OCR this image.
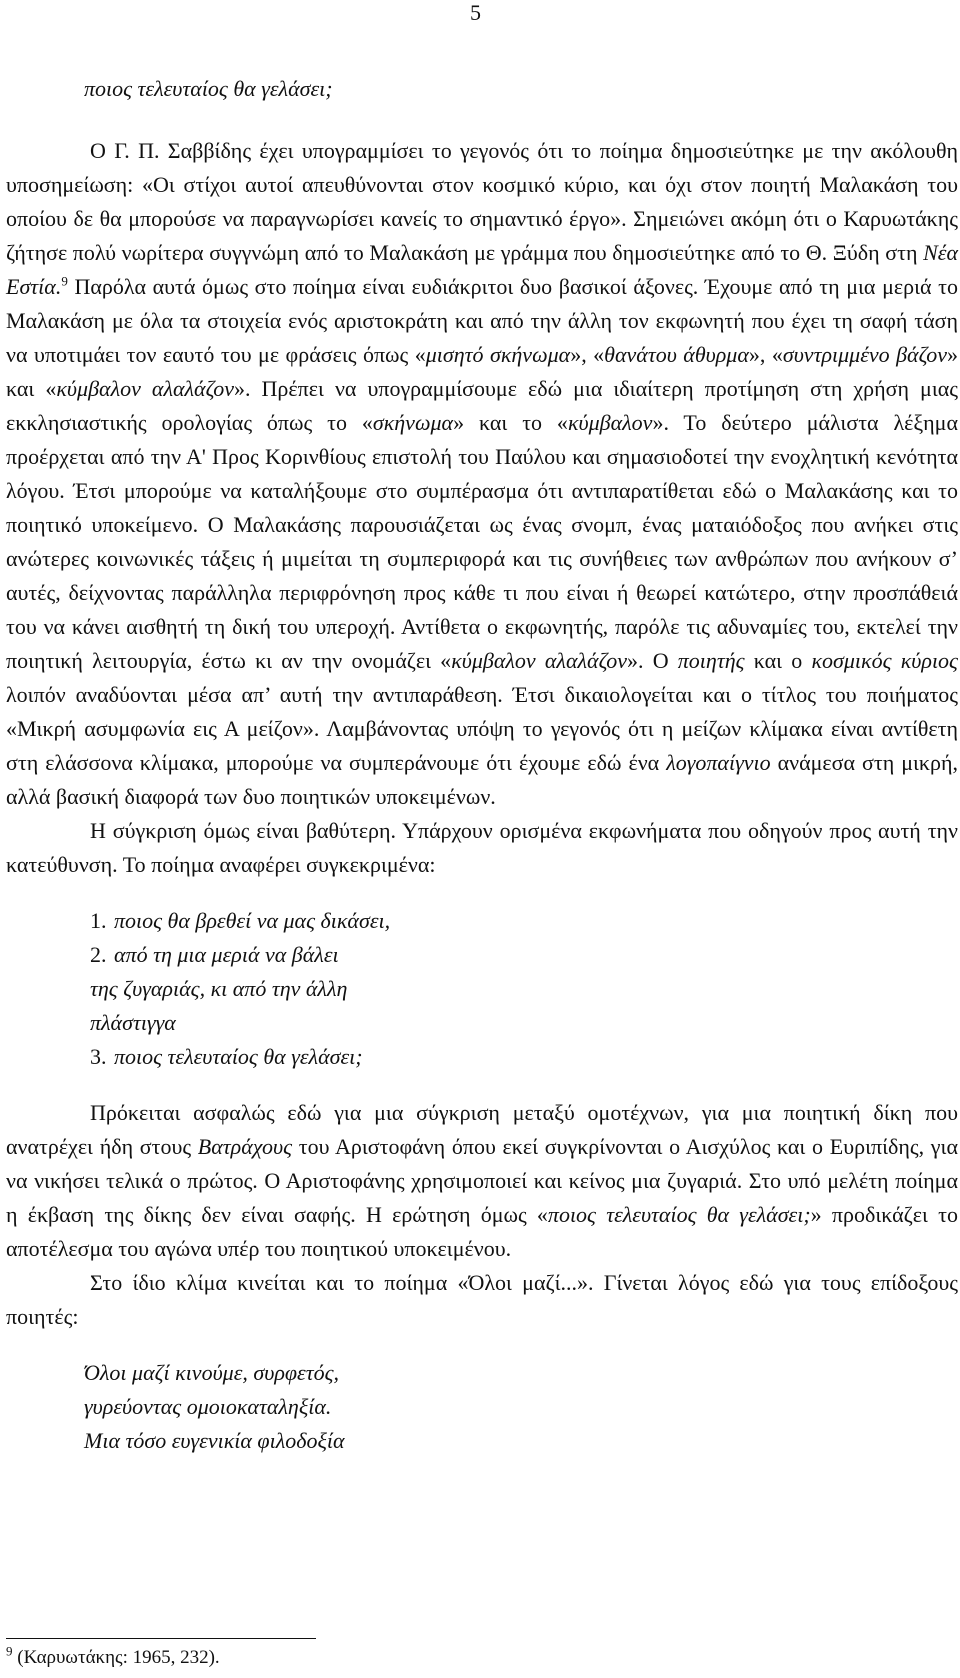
5

ποιος τελευταίος θα γελάσει;

Ο Γ. Π. Σαββίδης έχει υπογραμμίσει το γεγονός ότι το ποίημα δημοσιεύτηκε με την ακόλουθη υποσημείωση: «Οι στίχοι αυτοί απευθύνονται στον κοσμικό κύριο, και όχι στον ποιητή Μαλακάση του οποίου δε θα μπορούσε να παραγνωρίσει κανείς το σημαντικό έργο». Σημειώνει ακόμη ότι ο Καρυωτάκης ζήτησε πολύ νωρίτερα συγγνώμη από το Μαλακάση με γράμμα που δημοσιεύτηκε από το Θ. Ξύδη στη Νέα Εστία.$^9$ Παρόλα αυτά όμως στο ποίημα είναι ευδιάκριτοι δυο βασικοί άξονες. Έχουμε από τη μια μεριά το Μαλακάση με όλα τα στοιχεία ενός αριστοκράτη και από την άλλη τον εκφωνητή που έχει τη σαφή τάση να υποτιμάει τον εαυτό του με φράσεις όπως «μισητό σκήνωμα», «θανάτου άθυρμα», «συντριμμένο βάζον» και «κύμβαλον αλαλάζον». Πρέπει να υπογραμμίσουμε εδώ μια ιδιαίτερη προτίμηση στη χρήση μιας εκκλησιαστικής ορολογίας όπως το «σκήνωμα» και το «κύμβαλον». Το δεύτερο μάλιστα λέξημα προέρχεται από την Α' Προς Κορινθίους επιστολή του Παύλου και σημασιοδοτεί την ενοχλητική κενότητα λόγου. Έτσι μπορούμε να καταλήξουμε στο συμπέρασμα ότι αντιπαρατίθεται εδώ ο Μαλακάσης και το ποιητικό υποκείμενο. Ο Μαλακάσης παρουσιάζεται ως ένας σνομπ, ένας ματαιόδοξος που ανήκει στις ανώτερες κοινωνικές τάξεις ή μιμείται τη συμπεριφορά και τις συνήθειες των ανθρώπων που ανήκουν σ’ αυτές, δείχνοντας παράλληλα περιφρόνηση προς κάθε τι που είναι ή θεωρεί κατώτερο, στην προσπάθειά του να κάνει αισθητή τη δική του υπεροχή. Αντίθετα ο εκφωνητής, παρόλε τις αδυναμίες του, εκτελεί την ποιητική λειτουργία, έστω κι αν την ονομάζει «κύμβαλον αλαλάζον». Ο ποιητής και ο κοσμικός κύριος λοιπόν αναδύονται μέσα απ’ αυτή την αντιπαράθεση. Έτσι δικαιολογείται και ο τίτλος του ποιήματος «Μικρή ασυμφωνία εις Α μείζον». Λαμβάνοντας υπόψη το γεγονός ότι η μείζων κλίμακα είναι αντίθετη στη ελάσσονα κλίμακα, μπορούμε να συμπεράνουμε ότι έχουμε εδώ ένα λογοπαίγνιο ανάμεσα στη μικρή, αλλά βασική διαφορά των δυο ποιητικών υποκειμένων.

Η σύγκριση όμως είναι βαθύτερη. Υπάρχουν ορισμένα εκφωνήματα που οδηγούν προς αυτή την κατεύθυνση. Το ποίημα αναφέρει συγκεκριμένα:

1. ποιος θα βρεθεί να μας δικάσει,
2. από τη μια μεριά να βάλει
της ζυγαριάς, κι από την άλλη
πλάστιγγα
3. ποιος τελευταίος θα γελάσει;

Πρόκειται ασφαλώς εδώ για μια σύγκριση μεταξύ ομοτέχνων, για μια ποιητική δίκη που ανατρέχει ήδη στους Βατράχους του Αριστοφάνη όπου εκεί συγκρίνονται ο Αισχύλος και ο Ευριπίδης, για να νικήσει τελικά ο πρώτος. Ο Αριστοφάνης χρησιμοποιεί και κείνος μια ζυγαριά. Στο υπό μελέτη ποίημα η έκβαση της δίκης δεν είναι σαφής. Η ερώτηση όμως «ποιος τελευταίος θα γελάσει;» προδικάζει το αποτέλεσμα του αγώνα υπέρ του ποιητικού υποκειμένου.

Στο ίδιο κλίμα κινείται και το ποίημα «Όλοι μαζί...». Γίνεται λόγος εδώ για τους επίδοξους ποιητές:

Όλοι μαζί κινούμε, συρφετός,
γυρεύοντας ομοιοκαταληξία.
Μια τόσο ευγενικία φιλοδοξία
$^9$ (Καρυωτάκης: 1965, 232).
